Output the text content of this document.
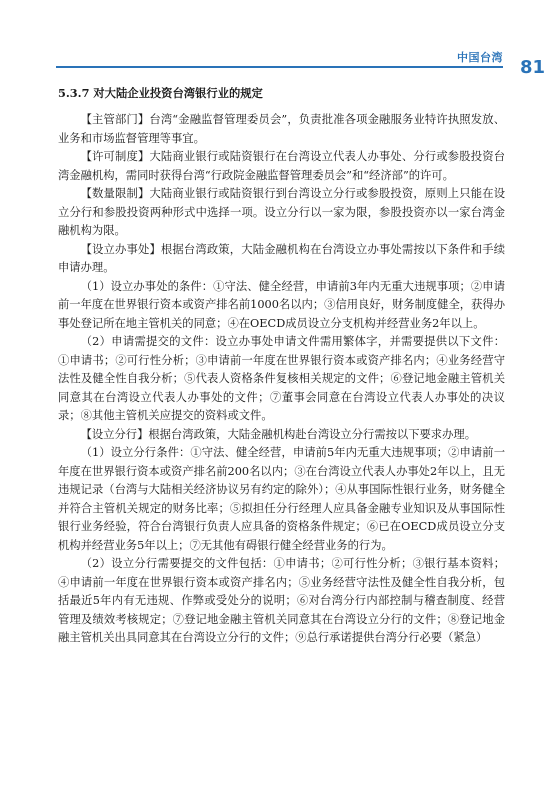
中国台湾 81
5.3.7 对大陆企业投资台湾银行业的规定

【主管部门】台湾“金融监督管理委员会”，负责批准各项金融服务业特许执照发放、业务和市场监督管理等事宜。

【许可制度】大陆商业银行或陆资银行在台湾设立代表人办事处、分行或参股投资台湾金融机构，需同时获得台湾“行政院金融监督管理委员会”和“经济部”的许可。

【数量限制】大陆商业银行或陆资银行到台湾设立分行或参股投资，原则上只能在设立分行和参股投资两种形式中选择一项。设立分行以一家为限，参股投资亦以一家台湾金融机构为限。

【设立办事处】根据台湾政策，大陆金融机构在台湾设立办事处需按以下条件和手续申请办理。

（1）设立办事处的条件：①守法、健全经营，申请前3年内无重大违规事项；②申请前一年度在世界银行资本或资产排名前1000名以内；③信用良好，财务制度健全，获得办事处登记所在地主管机关的同意；④在OECD成员设立分支机构并经营业务2年以上。

（2）申请需提交的文件：设立办事处申请文件需用繁体字，并需要提供以下文件：①申请书；②可行性分析；③申请前一年度在世界银行资本或资产排名内；④业务经营守法性及健全性自我分析；⑤代表人资格条件复核相关规定的文件；⑥登记地金融主管机关同意其在台湾设立代表人办事处的文件；⑦董事会同意在台湾设立代表人办事处的决议录；⑧其他主管机关应提交的资料或文件。

【设立分行】根据台湾政策，大陆金融机构赴台湾设立分行需按以下要求办理。

（1）设立分行条件：①守法、健全经营，申请前5年内无重大违规事项；②申请前一年度在世界银行资本或资产排名前200名以内；③在台湾设立代表人办事处2年以上，且无违规记录（台湾与大陆相关经济协议另有约定的除外）；④从事国际性银行业务，财务健全并符合主管机关规定的财务比率；⑤拟担任分行经理人应具备金融专业知识及从事国际性银行业务经验，符合台湾银行负责人应具备的资格条件规定；⑥已在OECD成员设立分支机构并经营业务5年以上；⑦无其他有碍银行健全经营业务的行为。

（2）设立分行需要提交的文件包括：①申请书；②可行性分析；③银行基本资料；④申请前一年度在世界银行资本或资产排名内；⑤业务经营守法性及健全性自我分析，包括最近5年内有无违规、作弊或受处分的说明；⑥对台湾分行内部控制与稽查制度、经营管理及绩效考核规定；⑦登记地金融主管机关同意其在台湾设立分行的文件；⑧登记地金融主管机关出具同意其在台湾设立分行的文件；⑨总行承诺提供台湾分行必要（紧急）
